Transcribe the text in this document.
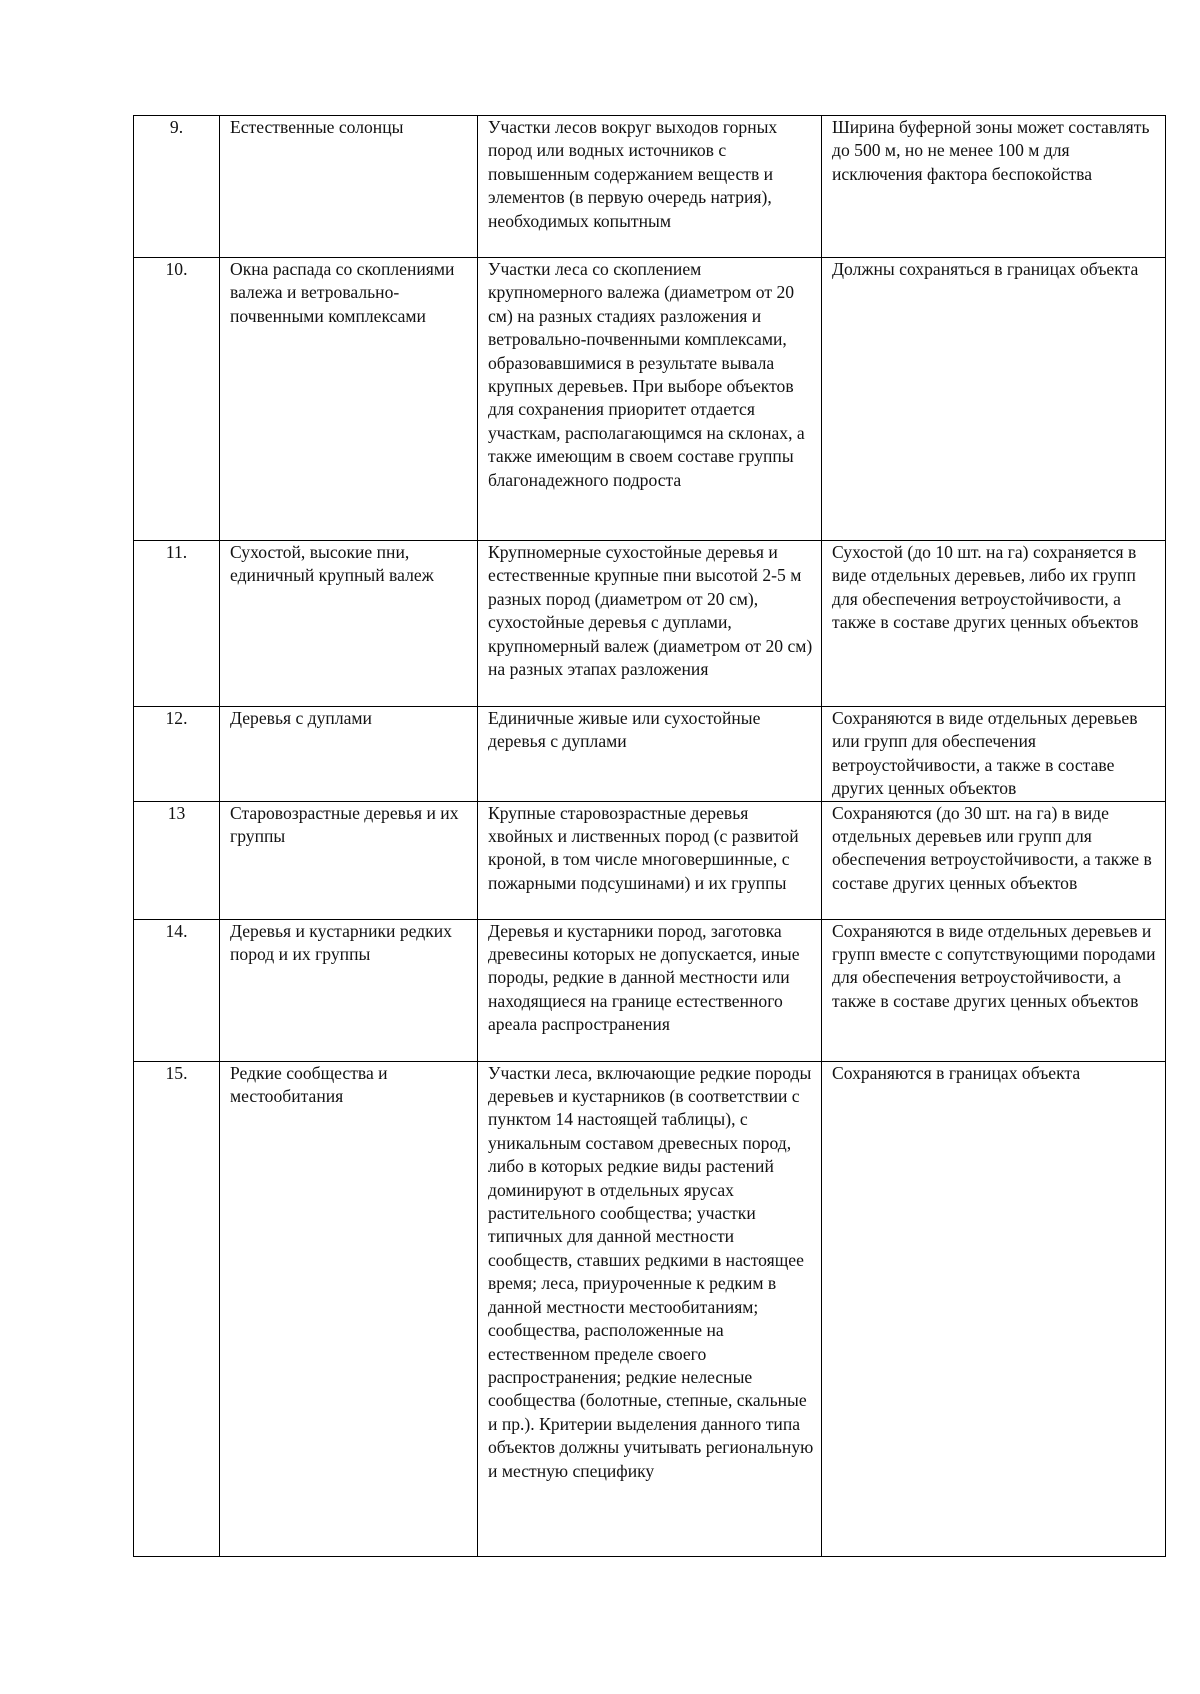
9.	Естественные солонцы	Участки лесов вокруг выходов горных пород или водных источников с повышенным содержанием веществ и элементов (в первую очередь натрия), необходимых копытным	Ширина буферной зоны может составлять до 500 м, но не менее 100 м для исключения фактора беспокойства
10.	Окна распада со скоплениями валежа и ветровально-почвенными комплексами	Участки леса со скоплением крупномерного валежа (диаметром от 20 см) на разных стадиях разложения и ветровально-почвенными комплексами, образовавшимися в результате вывала крупных деревьев. При выборе объектов для сохранения приоритет отдается участкам, располагающимся на склонах, а также имеющим в своем составе группы благонадежного подроста	Должны сохраняться в границах объекта
11.	Сухостой, высокие пни, единичный крупный валеж	Крупномерные сухостойные деревья и естественные крупные пни высотой 2-5 м разных пород (диаметром от 20 см), сухостойные деревья с дуплами, крупномерный валеж (диаметром от 20 см) на разных этапах разложения	Сухостой (до 10 шт. на га) сохраняется в виде отдельных деревьев, либо их групп для обеспечения ветроустойчивости, а также в составе других ценных объектов
12.	Деревья с дуплами	Единичные живые или сухостойные деревья с дуплами	Сохраняются в виде отдельных деревьев или групп для обеспечения ветроустойчивости, а также в составе других ценных объектов
13	Старовозрастные деревья и их группы	Крупные старовозрастные деревья хвойных и лиственных пород (с развитой кроной, в том числе многовершинные, с пожарными подсушинами) и их группы	Сохраняются (до 30 шт. на га) в виде отдельных деревьев или групп для обеспечения ветроустойчивости, а также в составе других ценных объектов
14.	Деревья и кустарники редких пород и их группы	Деревья и кустарники пород, заготовка древесины которых не допускается, иные породы, редкие в данной местности или находящиеся на границе естественного ареала распространения	Сохраняются в виде отдельных деревьев и групп вместе с сопутствующими породами для обеспечения ветроустойчивости, а также в составе других ценных объектов
15.	Редкие сообщества и местообитания	Участки леса, включающие редкие породы деревьев и кустарников (в соответствии с пунктом 14 настоящей таблицы), с уникальным составом древесных пород, либо в которых редкие виды растений доминируют в отдельных ярусах растительного сообщества; участки типичных для данной местности сообществ, ставших редкими в настоящее время; леса, приуроченные к редким в данной местности местообитаниям; сообщества, расположенные на естественном пределе своего распространения; редкие нелесные сообщества (болотные, степные, скальные и пр.). Критерии выделения данного типа объектов должны учитывать региональную и местную специфику	Сохраняются в границах объекта
